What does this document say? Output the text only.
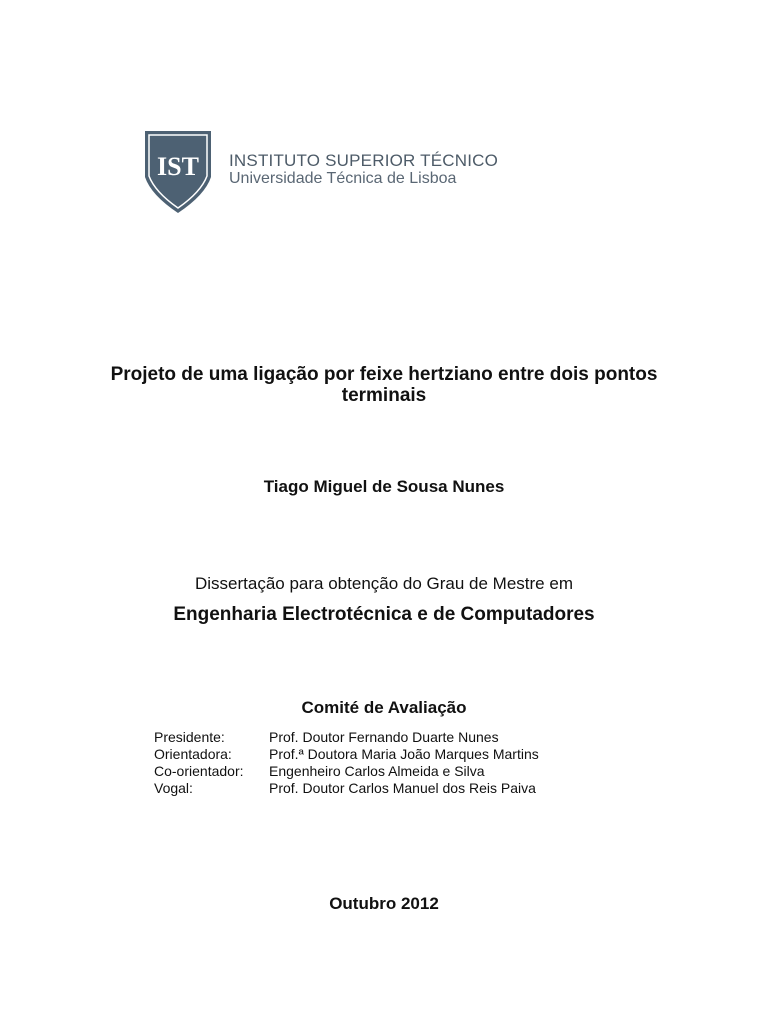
IST INSTITUTO SUPERIOR TÉCNICO
Universidade Técnica de Lisboa
Projeto de uma ligação por feixe hertziano entre dois pontos terminais
Tiago Miguel de Sousa Nunes
Dissertação para obtenção do Grau de Mestre em
Engenharia Electrotécnica e de Computadores
Comité de Avaliação
Presidente:	Prof. Doutor Fernando Duarte Nunes
Orientadora:	Prof.ª Doutora Maria João Marques Martins
Co-orientador:	Engenheiro Carlos Almeida e Silva
Vogal:	Prof. Doutor Carlos Manuel dos Reis Paiva
Outubro 2012
